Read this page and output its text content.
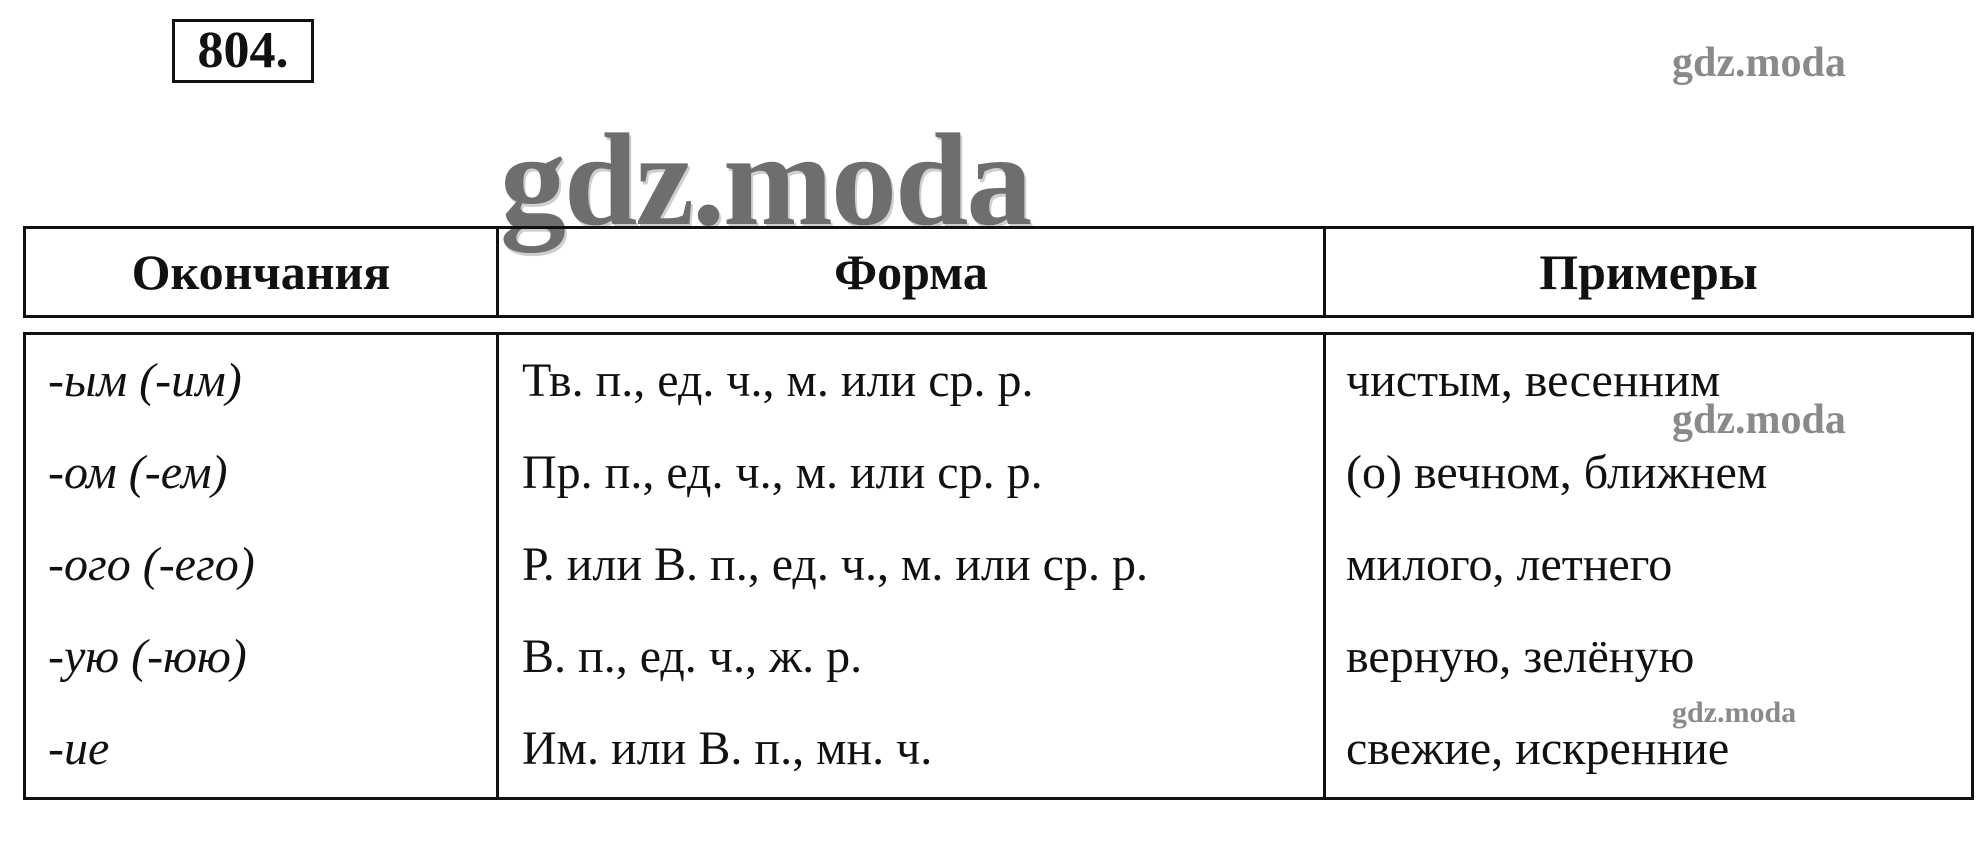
804.	gdz.moda
gdz.moda
Окончания	Форма	Примеры
-ым (-им)	Тв. п., ед. ч., м. или ср. р.	чистым, весенним
-ом (-ем)	Пр. п., ед. ч., м. или ср. р.	(о) вечном, ближнем
-ого (-его)	Р. или В. п., ед. ч., м. или ср. р.	милого, летнего
-ую (-юю)	В. п., ед. ч., ж. р.	верную, зелёную
-ие	Им. или В. п., мн. ч.	свежие, искренние
gdz.moda
gdz.moda
